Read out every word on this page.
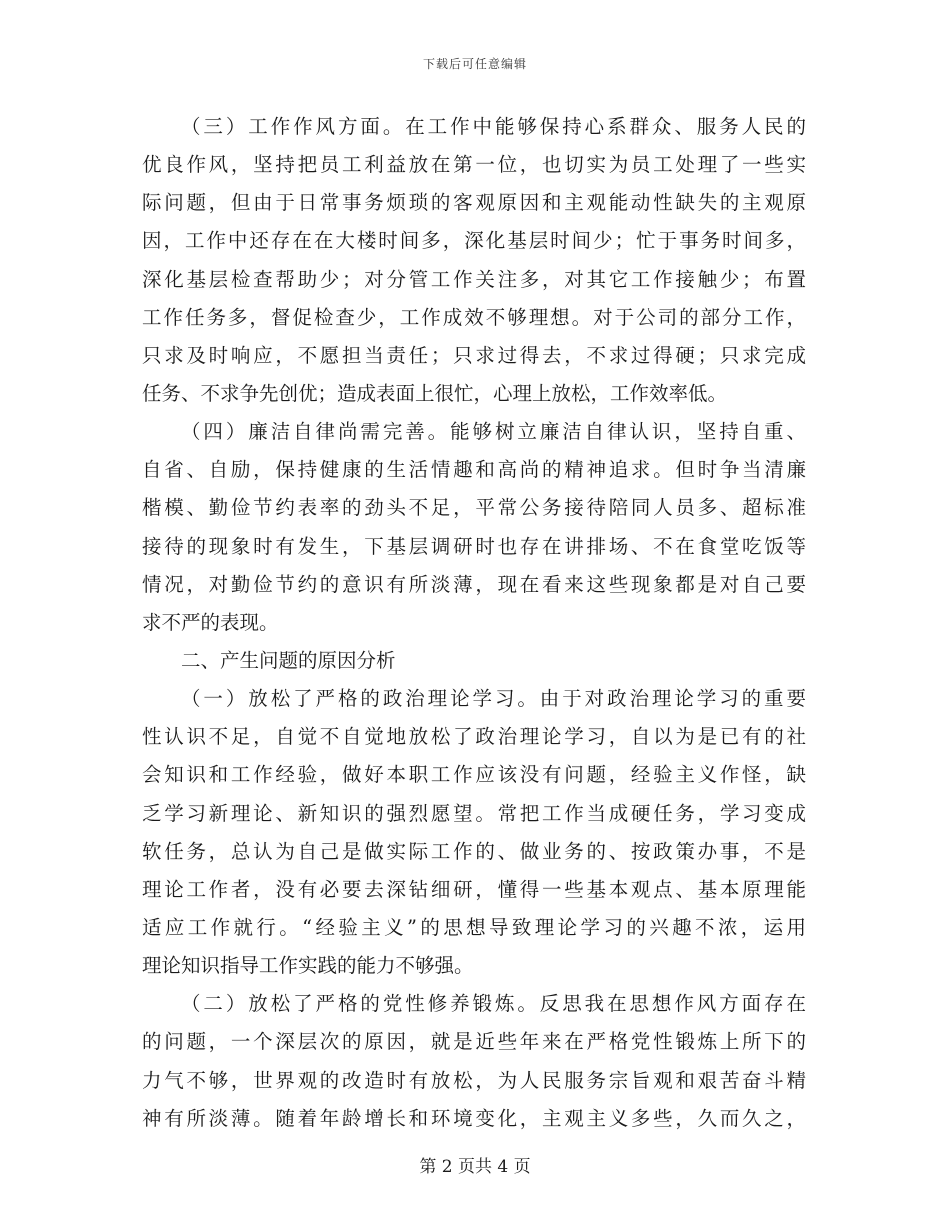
下载后可任意编辑
（三）工作作风方面。在工作中能够保持心系群众、服务人民的
优良作风，坚持把员工利益放在第一位，也切实为员工处理了一些实
际问题，但由于日常事务烦琐的客观原因和主观能动性缺失的主观原
因，工作中还存在在大楼时间多，深化基层时间少；忙于事务时间多，
深化基层检查帮助少；对分管工作关注多，对其它工作接触少；布置
工作任务多，督促检查少，工作成效不够理想。对于公司的部分工作，
只求及时响应，不愿担当责任；只求过得去，不求过得硬；只求完成
任务、不求争先创优；造成表面上很忙，心理上放松，工作效率低。
（四）廉洁自律尚需完善。能够树立廉洁自律认识，坚持自重、
自省、自励，保持健康的生活情趣和高尚的精神追求。但时争当清廉
楷模、勤俭节约表率的劲头不足，平常公务接待陪同人员多、超标准
接待的现象时有发生，下基层调研时也存在讲排场、不在食堂吃饭等
情况，对勤俭节约的意识有所淡薄，现在看来这些现象都是对自己要
求不严的表现。
二、产生问题的原因分析
（一）放松了严格的政治理论学习。由于对政治理论学习的重要
性认识不足，自觉不自觉地放松了政治理论学习，自以为是已有的社
会知识和工作经验，做好本职工作应该没有问题，经验主义作怪，缺
乏学习新理论、新知识的强烈愿望。常把工作当成硬任务，学习变成
软任务，总认为自己是做实际工作的、做业务的、按政策办事，不是
理论工作者，没有必要去深钻细研，懂得一些基本观点、基本原理能
适应工作就行。“经验主义”的思想导致理论学习的兴趣不浓，运用
理论知识指导工作实践的能力不够强。
（二）放松了严格的党性修养锻炼。反思我在思想作风方面存在
的问题，一个深层次的原因，就是近些年来在严格党性锻炼上所下的
力气不够，世界观的改造时有放松，为人民服务宗旨观和艰苦奋斗精
神有所淡薄。随着年龄增长和环境变化，主观主义多些，久而久之，
第 2 页共 4 页
